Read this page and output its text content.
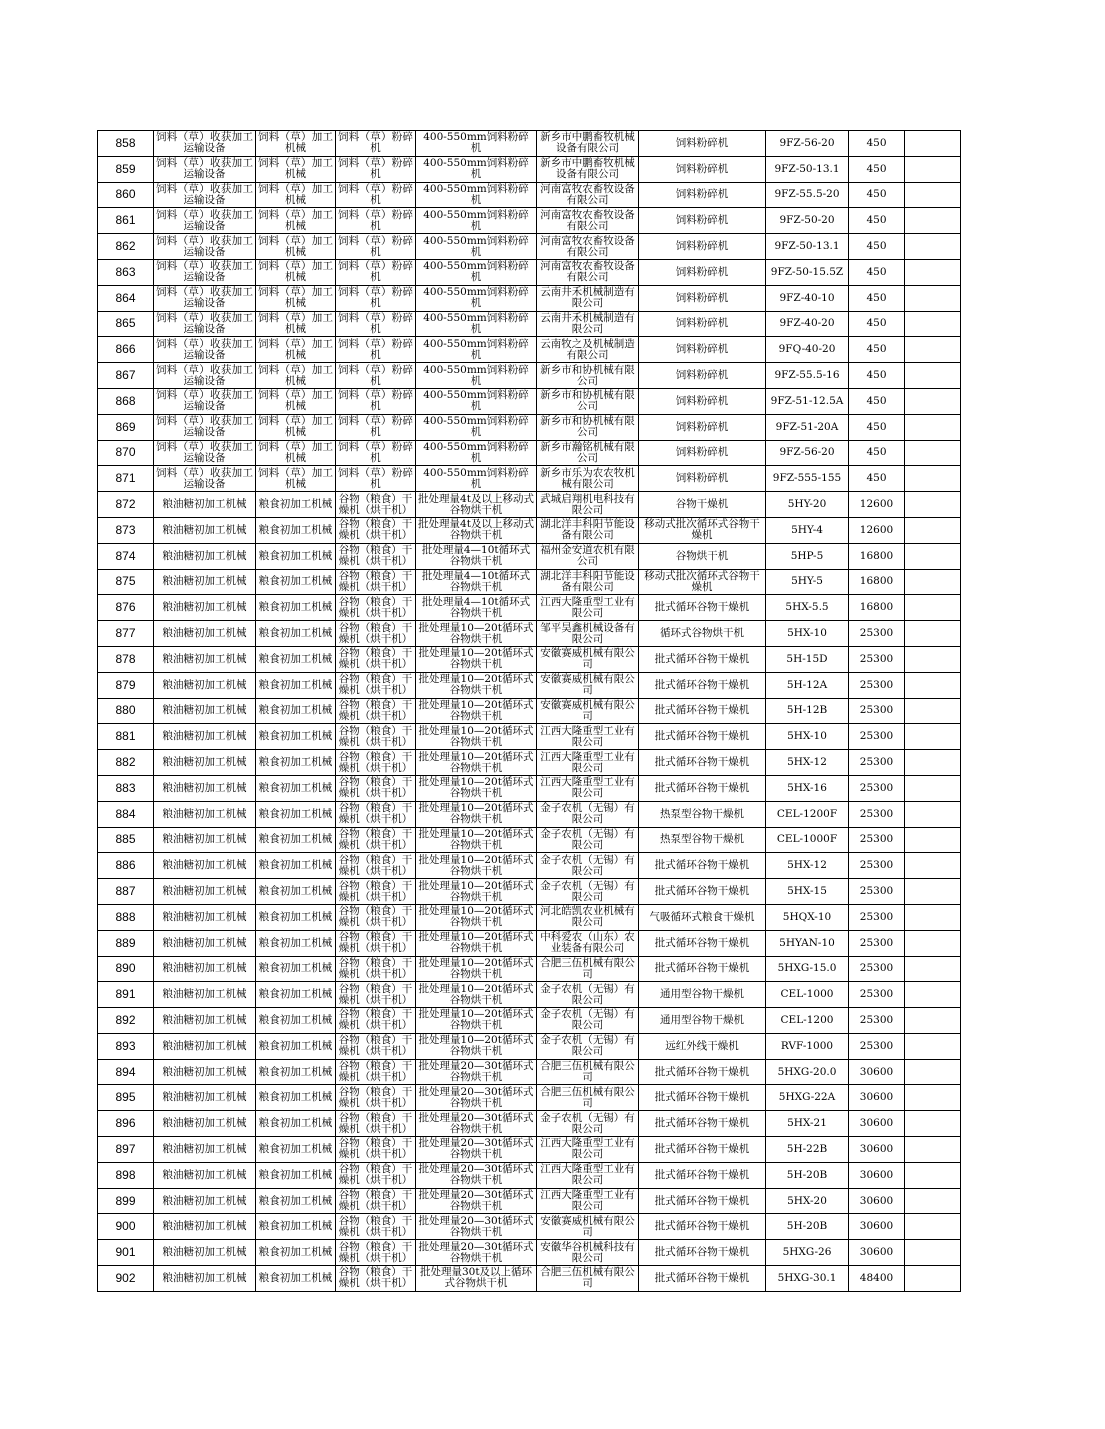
858	饲料（草）收获加工运输设备	饲料（草）加工机械	饲料（草）粉碎机	400-550mm饲料粉碎机	新乡市中鹏畜牧机械设备有限公司	饲料粉碎机	9FZ-56-20	450	
859	饲料（草）收获加工运输设备	饲料（草）加工机械	饲料（草）粉碎机	400-550mm饲料粉碎机	新乡市中鹏畜牧机械设备有限公司	饲料粉碎机	9FZ-50-13.1	450	
860	饲料（草）收获加工运输设备	饲料（草）加工机械	饲料（草）粉碎机	400-550mm饲料粉碎机	河南富牧农畜牧设备有限公司	饲料粉碎机	9FZ-55.5-20	450	
861	饲料（草）收获加工运输设备	饲料（草）加工机械	饲料（草）粉碎机	400-550mm饲料粉碎机	河南富牧农畜牧设备有限公司	饲料粉碎机	9FZ-50-20	450	
862	饲料（草）收获加工运输设备	饲料（草）加工机械	饲料（草）粉碎机	400-550mm饲料粉碎机	河南富牧农畜牧设备有限公司	饲料粉碎机	9FZ-50-13.1	450	
863	饲料（草）收获加工运输设备	饲料（草）加工机械	饲料（草）粉碎机	400-550mm饲料粉碎机	河南富牧农畜牧设备有限公司	饲料粉碎机	9FZ-50-15.5Z	450	
864	饲料（草）收获加工运输设备	饲料（草）加工机械	饲料（草）粉碎机	400-550mm饲料粉碎机	云南井禾机械制造有限公司	饲料粉碎机	9FZ-40-10	450	
865	饲料（草）收获加工运输设备	饲料（草）加工机械	饲料（草）粉碎机	400-550mm饲料粉碎机	云南井禾机械制造有限公司	饲料粉碎机	9FZ-40-20	450	
866	饲料（草）收获加工运输设备	饲料（草）加工机械	饲料（草）粉碎机	400-550mm饲料粉碎机	云南牧之及机械制造有限公司	饲料粉碎机	9FQ-40-20	450	
867	饲料（草）收获加工运输设备	饲料（草）加工机械	饲料（草）粉碎机	400-550mm饲料粉碎机	新乡市和协机械有限公司	饲料粉碎机	9FZ-55.5-16	450	
868	饲料（草）收获加工运输设备	饲料（草）加工机械	饲料（草）粉碎机	400-550mm饲料粉碎机	新乡市和协机械有限公司	饲料粉碎机	9FZ-51-12.5A	450	
869	饲料（草）收获加工运输设备	饲料（草）加工机械	饲料（草）粉碎机	400-550mm饲料粉碎机	新乡市和协机械有限公司	饲料粉碎机	9FZ-51-20A	450	
870	饲料（草）收获加工运输设备	饲料（草）加工机械	饲料（草）粉碎机	400-550mm饲料粉碎机	新乡市瀚铭机械有限公司	饲料粉碎机	9FZ-56-20	450	
871	饲料（草）收获加工运输设备	饲料（草）加工机械	饲料（草）粉碎机	400-550mm饲料粉碎机	新乡市乐为农农牧机械有限公司	饲料粉碎机	9FZ-555-155	450	
872	粮油糖初加工机械	粮食初加工机械	谷物（粮食）干燥机（烘干机）	批处理量4t及以上移动式谷物烘干机	武城启翔机电科技有限公司	谷物干燥机	5HY-20	12600	
873	粮油糖初加工机械	粮食初加工机械	谷物（粮食）干燥机（烘干机）	批处理量4t及以上移动式谷物烘干机	湖北洋丰科阳节能设备有限公司	移动式批次循环式谷物干燥机	5HY-4	12600	
874	粮油糖初加工机械	粮食初加工机械	谷物（粮食）干燥机（烘干机）	批处理量4—10t循环式谷物烘干机	福州金安道农机有限公司	谷物烘干机	5HP-5	16800	
875	粮油糖初加工机械	粮食初加工机械	谷物（粮食）干燥机（烘干机）	批处理量4—10t循环式谷物烘干机	湖北洋丰科阳节能设备有限公司	移动式批次循环式谷物干燥机	5HY-5	16800	
876	粮油糖初加工机械	粮食初加工机械	谷物（粮食）干燥机（烘干机）	批处理量4—10t循环式谷物烘干机	江西大隆重型工业有限公司	批式循环谷物干燥机	5HX-5.5	16800	
877	粮油糖初加工机械	粮食初加工机械	谷物（粮食）干燥机（烘干机）	批处理量10—20t循环式谷物烘干机	邹平昊鑫机械设备有限公司	循环式谷物烘干机	5HX-10	25300	
878	粮油糖初加工机械	粮食初加工机械	谷物（粮食）干燥机（烘干机）	批处理量10—20t循环式谷物烘干机	安徽赛威机械有限公司	批式循环谷物干燥机	5H-15D	25300	
879	粮油糖初加工机械	粮食初加工机械	谷物（粮食）干燥机（烘干机）	批处理量10—20t循环式谷物烘干机	安徽赛威机械有限公司	批式循环谷物干燥机	5H-12A	25300	
880	粮油糖初加工机械	粮食初加工机械	谷物（粮食）干燥机（烘干机）	批处理量10—20t循环式谷物烘干机	安徽赛威机械有限公司	批式循环谷物干燥机	5H-12B	25300	
881	粮油糖初加工机械	粮食初加工机械	谷物（粮食）干燥机（烘干机）	批处理量10—20t循环式谷物烘干机	江西大隆重型工业有限公司	批式循环谷物干燥机	5HX-10	25300	
882	粮油糖初加工机械	粮食初加工机械	谷物（粮食）干燥机（烘干机）	批处理量10—20t循环式谷物烘干机	江西大隆重型工业有限公司	批式循环谷物干燥机	5HX-12	25300	
883	粮油糖初加工机械	粮食初加工机械	谷物（粮食）干燥机（烘干机）	批处理量10—20t循环式谷物烘干机	江西大隆重型工业有限公司	批式循环谷物干燥机	5HX-16	25300	
884	粮油糖初加工机械	粮食初加工机械	谷物（粮食）干燥机（烘干机）	批处理量10—20t循环式谷物烘干机	金子农机（无锡）有限公司	热泵型谷物干燥机	CEL-1200F	25300	
885	粮油糖初加工机械	粮食初加工机械	谷物（粮食）干燥机（烘干机）	批处理量10—20t循环式谷物烘干机	金子农机（无锡）有限公司	热泵型谷物干燥机	CEL-1000F	25300	
886	粮油糖初加工机械	粮食初加工机械	谷物（粮食）干燥机（烘干机）	批处理量10—20t循环式谷物烘干机	金子农机（无锡）有限公司	批式循环谷物干燥机	5HX-12	25300	
887	粮油糖初加工机械	粮食初加工机械	谷物（粮食）干燥机（烘干机）	批处理量10—20t循环式谷物烘干机	金子农机（无锡）有限公司	批式循环谷物干燥机	5HX-15	25300	
888	粮油糖初加工机械	粮食初加工机械	谷物（粮食）干燥机（烘干机）	批处理量10—20t循环式谷物烘干机	河北皓凯农业机械有限公司	气吸循环式粮食干燥机	5HQX-10	25300	
889	粮油糖初加工机械	粮食初加工机械	谷物（粮食）干燥机（烘干机）	批处理量10—20t循环式谷物烘干机	中科爱农（山东）农业装备有限公司	批式循环谷物干燥机	5HYAN-10	25300	
890	粮油糖初加工机械	粮食初加工机械	谷物（粮食）干燥机（烘干机）	批处理量10—20t循环式谷物烘干机	合肥三伍机械有限公司	批式循环谷物干燥机	5HXG-15.0	25300	
891	粮油糖初加工机械	粮食初加工机械	谷物（粮食）干燥机（烘干机）	批处理量10—20t循环式谷物烘干机	金子农机（无锡）有限公司	通用型谷物干燥机	CEL-1000	25300	
892	粮油糖初加工机械	粮食初加工机械	谷物（粮食）干燥机（烘干机）	批处理量10—20t循环式谷物烘干机	金子农机（无锡）有限公司	通用型谷物干燥机	CEL-1200	25300	
893	粮油糖初加工机械	粮食初加工机械	谷物（粮食）干燥机（烘干机）	批处理量10—20t循环式谷物烘干机	金子农机（无锡）有限公司	远红外线干燥机	RVF-1000	25300	
894	粮油糖初加工机械	粮食初加工机械	谷物（粮食）干燥机（烘干机）	批处理量20—30t循环式谷物烘干机	合肥三伍机械有限公司	批式循环谷物干燥机	5HXG-20.0	30600	
895	粮油糖初加工机械	粮食初加工机械	谷物（粮食）干燥机（烘干机）	批处理量20—30t循环式谷物烘干机	合肥三伍机械有限公司	批式循环谷物干燥机	5HXG-22A	30600	
896	粮油糖初加工机械	粮食初加工机械	谷物（粮食）干燥机（烘干机）	批处理量20—30t循环式谷物烘干机	金子农机（无锡）有限公司	批式循环谷物干燥机	5HX-21	30600	
897	粮油糖初加工机械	粮食初加工机械	谷物（粮食）干燥机（烘干机）	批处理量20—30t循环式谷物烘干机	江西大隆重型工业有限公司	批式循环谷物干燥机	5H-22B	30600	
898	粮油糖初加工机械	粮食初加工机械	谷物（粮食）干燥机（烘干机）	批处理量20—30t循环式谷物烘干机	江西大隆重型工业有限公司	批式循环谷物干燥机	5H-20B	30600	
899	粮油糖初加工机械	粮食初加工机械	谷物（粮食）干燥机（烘干机）	批处理量20—30t循环式谷物烘干机	江西大隆重型工业有限公司	批式循环谷物干燥机	5HX-20	30600	
900	粮油糖初加工机械	粮食初加工机械	谷物（粮食）干燥机（烘干机）	批处理量20—30t循环式谷物烘干机	安徽赛威机械有限公司	批式循环谷物干燥机	5H-20B	30600	
901	粮油糖初加工机械	粮食初加工机械	谷物（粮食）干燥机（烘干机）	批处理量20—30t循环式谷物烘干机	安徽华谷机械科技有限公司	批式循环谷物干燥机	5HXG-26	30600	
902	粮油糖初加工机械	粮食初加工机械	谷物（粮食）干燥机（烘干机）	批处理量30t及以上循环式谷物烘干机	合肥三伍机械有限公司	批式循环谷物干燥机	5HXG-30.1	48400	
